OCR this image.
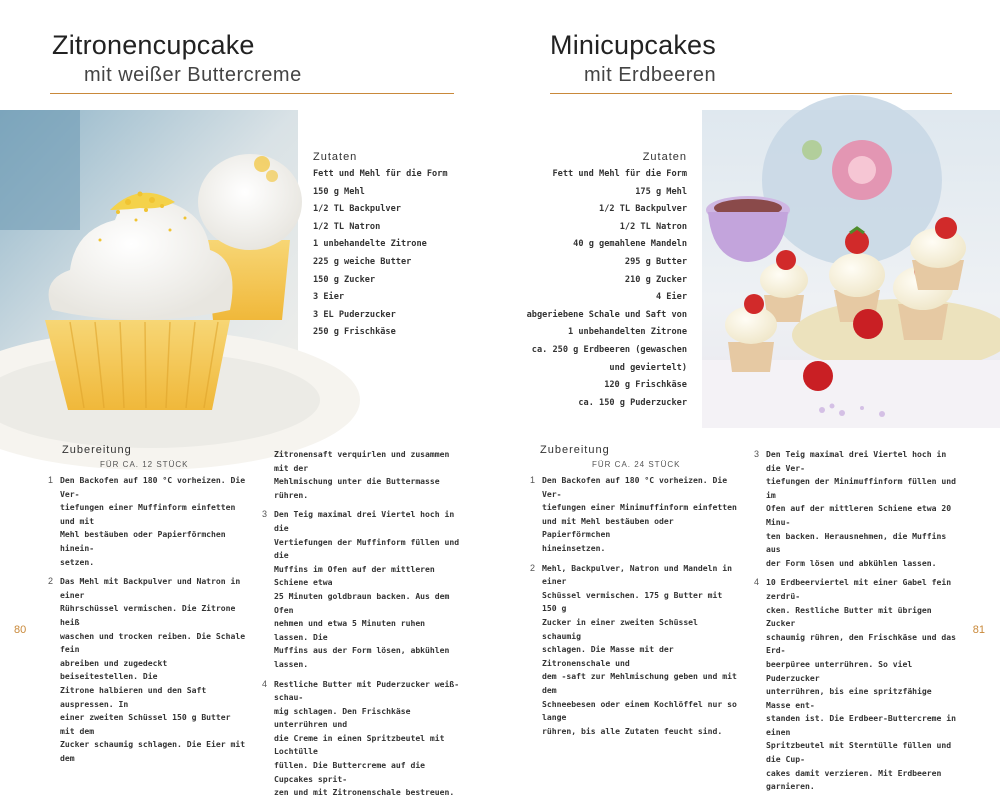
Zitronencupcake
mit weißer Buttercreme
Zutaten
Fett und Mehl für die Form
150 g Mehl
1/2 TL Backpulver
1/2 TL Natron
1 unbehandelte Zitrone
225 g weiche Butter
150 g Zucker
3 Eier
3 EL Puderzucker
250 g Frischkäse
Zubereitung
FÜR CA. 12 STÜCK
1 Den Backofen auf 180 °C vorheizen. Die Ver-
tiefungen einer Muffinform einfetten und mit
Mehl bestäuben oder Papierförmchen hinein-
setzen.
2 Das Mehl mit Backpulver und Natron in einer
Rührschüssel vermischen. Die Zitrone heiß
waschen und trocken reiben. Die Schale fein
abreiben und zugedeckt beiseitestellen. Die
Zitrone halbieren und den Saft auspressen. In
einer zweiten Schüssel 150 g Butter mit dem
Zucker schaumig schlagen. Die Eier mit dem
Zitronensaft verquirlen und zusammen mit der
Mehlmischung unter die Buttermasse rühren.
3 Den Teig maximal drei Viertel hoch in die
Vertiefungen der Muffinform füllen und die
Muffins im Ofen auf der mittleren Schiene etwa
25 Minuten goldbraun backen. Aus dem Ofen
nehmen und etwa 5 Minuten ruhen lassen. Die
Muffins aus der Form lösen, abkühlen lassen.
4 Restliche Butter mit Puderzucker weiß-schau-
mig schlagen. Den Frischkäse unterrühren und
die Creme in einen Spritzbeutel mit Lochtülle
füllen. Die Buttercreme auf die Cupcakes sprit-
zen und mit Zitronenschale bestreuen.
80
Minicupcakes
mit Erdbeeren
Zutaten
Fett und Mehl für die Form
175 g Mehl
1/2 TL Backpulver
1/2 TL Natron
40 g gemahlene Mandeln
295 g Butter
210 g Zucker
4 Eier
abgeriebene Schale und Saft von
1 unbehandelten Zitrone
ca. 250 g Erdbeeren (gewaschen
und geviertelt)
120 g Frischkäse
ca. 150 g Puderzucker
Zubereitung
FÜR CA. 24 STÜCK
1 Den Backofen auf 180 °C vorheizen. Die Ver-
tiefungen einer Minimuffinform einfetten
und mit Mehl bestäuben oder Papierförmchen
hineinsetzen.
2 Mehl, Backpulver, Natron und Mandeln in einer
Schüssel vermischen. 175 g Butter mit 150 g
Zucker in einer zweiten Schüssel schaumig
schlagen. Die Masse mit der Zitronenschale und
dem -saft zur Mehlmischung geben und mit dem
Schneebesen oder einem Kochlöffel nur so lange
rühren, bis alle Zutaten feucht sind.
3 Den Teig maximal drei Viertel hoch in die Ver-
tiefungen der Minimuffinform füllen und im
Ofen auf der mittleren Schiene etwa 20 Minu-
ten backen. Herausnehmen, die Muffins aus
der Form lösen und abkühlen lassen.
4 10 Erdbeerviertel mit einer Gabel fein zerdrü-
cken. Restliche Butter mit übrigen Zucker
schaumig rühren, den Frischkäse und das Erd-
beerpüree unterrühren. So viel Puderzucker
unterrühren, bis eine spritzfähige Masse ent-
standen ist. Die Erdbeer-Buttercreme in einen
Spritzbeutel mit Sterntülle füllen und die Cup-
cakes damit verzieren. Mit Erdbeeren garnieren.
81
